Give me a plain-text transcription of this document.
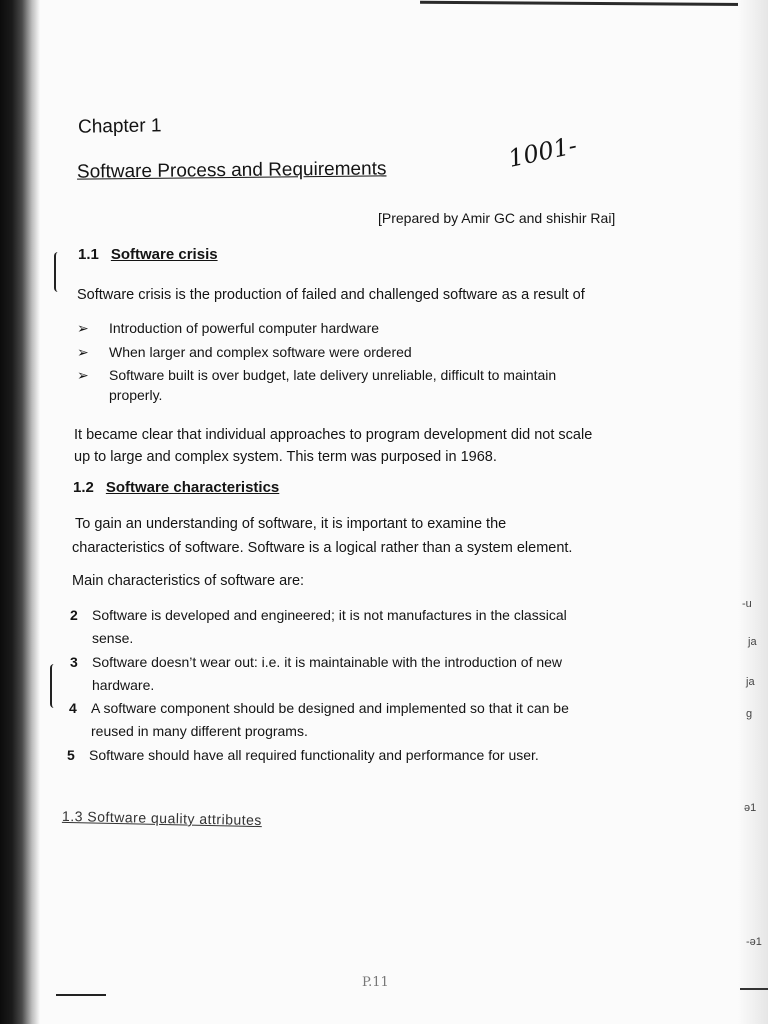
-u
ja
ja
g
ə1
-ə1
Chapter 1
Software Process and Requirements	1001-
[Prepared by Amir GC and shishir Rai]
1.1 Software crisis
Software crisis is the production of failed and challenged software as a result of
➢ Introduction of powerful computer hardware
➢ When larger and complex software were ordered
➢ Software built is over budget, late delivery unreliable, difficult to maintain
properly.
It became clear that individual approaches to program development did not scale
up to large and complex system. This term was purposed in 1968.
1.2 Software characteristics
To gain an understanding of software, it is important to examine the
characteristics of software. Software is a logical rather than a system element.
Main characteristics of software are:
2 Software is developed and engineered; it is not manufactures in the classical
sense.
3 Software doesn’t wear out: i.e. it is maintainable with the introduction of new
hardware.
4 A software component should be designed and implemented so that it can be
reused in many different programs.
5 Software should have all required functionality and performance for user.
1.3 Software quality attributes
P.11
